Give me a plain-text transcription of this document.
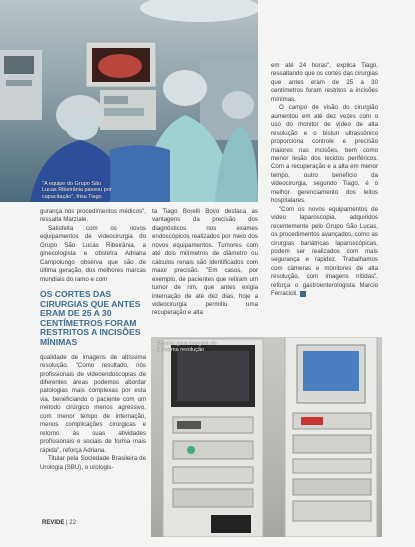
"A equipe do Grupo São Lucas Ribeirânia passou por capacitação", frisa Tiago

gurança nos procedimentos médicos", ressalta Marziale.

Satisfeita com os novos equipamentos de videocirurgia do Grupo São Lucas Ribeirânia, a ginecologista e obstetra Adriana Campolungo observa que são de última geração, dos melhores marcas mundiais do ramo e com

OS CORTES DAS CIRURGIAS QUE ANTES ERAM DE 25 A 30 CENTÍMETROS FORAM RESTRITOS A INCISÕES MÍNIMAS

qualidade de imagens de altíssima resolução. "Como resultado, nós profissionais de videoendoscopias de diferentes áreas podemos abordar patologias mais complexas por esta via, beneficiando o paciente com um método cirúrgico menos agressivo, com menor tempo de internação, menos complicações cirúrgicas e retorno às suas atividades profissionais e sociais de forma mais rápida", reforça Adriana.

Titular pela Sociedade Brasileira de Urologia (SBU), o urologis-

ta Tiago Borelli Bovo destaca as vantagens da precisão dos diagnósticos nos exames endoscópicos realizados por meio dos novos equipamentos. Tumores com até dois milímetros de diâmetro ou cálculos renais são identificados com maior precisão. "Em casos, por exemplo, de pacientes que retiram um tumor de rim, que antes exigia internação de até dez dias, hoje a videocirurgia permitiu uma recuperação e alta

em até 24 horas", explica Tiago, ressaltando que os cortes das cirurgias que antes eram de 25 a 30 centímetros foram restritos a incisões mínimas.

O campo de visão do cirurgião aumentou em até dez vezes com o uso do monitor de vídeo de alta resolução e o bisturi ultrassônico proporciona controle e precisão maiores nas incisões, bem como menor lesão dos tecidos periféricos. Com a recuperação e a alta em menor tempo, outro benefício da videocirurgia, segundo Tiago, é o melhor gerenciamento dos leitos hospitalares.

"Com os novos equipamentos de vídeo laparoscopia, adquiridos recentemente pelo Grupo São Lucas, os procedimentos avançados, como as cirurgias bariátricas laparoscópicas, podem ser realizados com mais segurança e rapidez. Trabalhamos com câmeras e monitores de alta resolução, com imagens nítidas", reforça o gastroenterologista Marcio Ferracioli. P

Monitor gera imagem de altíssima resolução
REVIDE | 22
